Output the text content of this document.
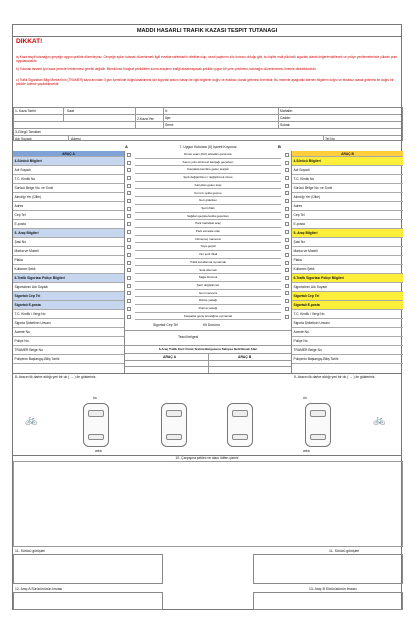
MADDİ HASARLI TRAFİK KAZASI TESPİT TUTANAĞI
DİKKAT!
a) Kaza tespit tutanağını gerçeğe uygun şekilde düzenleyiniz. Gerçeğe aykırı tutanak düzenlemek ilgili evrakta sahtekarlık nitelikte olup, cezai yaptırımı söz konusu olduğu gibi, bu kişiler mali yükümlü sigortalı olarak değerlendirilecek ve poliçe yenilemelerinde yüksek prim uygulanacaktır.
b) Tutanak tanzimi için kaza yerinde beklenmesi gerekli değildir. Mümkünse fotoğraf çekildikten sonra araçların trafiği aksatmayacak şekilde uygun bir yere çekilmesi, tutanağın düzenlenmesi önemle dikkatinizdedir.
c) Trafik Sigortaları Bilgi Merkezi'nin (TRAMER) kaza anından 3 gün içerisinde doğrulanabilmesi için sigortalı aracın hasarı ile ilgili bilgilerin doğru ve eksiksiz olarak girilmesi önemlidir. Bu nedenle aşağıdaki istenen bilgilerin doğru ve eksiksiz olarak girilmesi ile doğru bir şekilde ödeme yapılabilecektir.
1- Kaza Tarihi	Saat
2-Kaza Yeri
İl:
İlçe:
Semt:
Mahalle:
Cadde:
Sokak:
3-Görgü Tanıkları
Adı Soyadı	Adresi	Tel No
A	B
7- Uygun Kutulara (X) İşareti Koyunuz
ARAÇ A
4-Sürücü Bilgileri
Adı Soyadı
T.C. Kimlik No
Sürücü Belge No. ve Sınıfı
Alındığı Yer (Ülke)
Adres
Cep Tel
E-posta
5- Araç Bilgileri
Şasi No
Marka ve Modeli
Plaka
Kullanım Şekli
6-Trafik Sigortası Poliçe Bilgileri
Sigortalının Adı Soyadı
Sigortalı Cep Tel
Sigortalı E-posta
T.C. Kimlik / Vergi No
Sigorta Şirketinin Unvanı
Acente No
Poliçe No
TRAMER Belge No
Poliçenin Başlangıç-Bitiş Tarihi
Duran aracı (bizi) arkadan çarpması
Kamu yolu dönmesi kavşağı geçerken
Kavşakta kendine gelen araçlar
Şerit değiştirirken / değiştirmek üzere
Karşıdan gelen araç
Kırmızı ışıkta geçme
Geri giderken
Şerit ihlalı
Sağdan geçişte/solda geçerken
Park halindeki araç
Park etmekte olan
Dönemeç manevra
Yaya geçidi
Yan şerit ihlali
Trafik kurallarına uymamak
Sola dönmek
Sağa dönmek
Şerit değiştirmek
Geri manevra
Dönüş yasağı
Durma yasağı
Kavşakta geçiş önceliğine uymamak
ARAÇ B
4-Sürücü Bilgileri
Adı Soyadı
T.C. Kimlik No
Sürücü Belge No. ve Sınıfı
Alındığı Yer (Ülke)
Adres
Cep Tel
E-posta
5- Araç Bilgileri
Şasi No
Marka ve Modeli
Plaka
Kullanım Şekli
6-Trafik Sigortası Poliçe Bilgileri
Sigortalının Adı Soyadı
Sigortalı Cep Tel
Sigortalı E-posta
T.C. Kimlik / Vergi No
Sigorta Şirketinin Unvanı
Acente No
Poliçe No
TRAMER Belge No
Poliçenin Başlangıç-Bitiş Tarihi
Sigortalı Cep Tel	Kit Durumu
Tescil belgesi
6-Araç Trafik Kart Ürünü Teslimi Bulgusuna Sahipse Belirtilecek Alan
ARAÇ A	ARAÇ B
8- Aracın ilk darbe aldığı yeri bir ok ( → ) ile gösteriniz.	9- Aracın ilk darbe aldığı yeri bir ok ( → ) ile gösteriniz.
ön
arka
ön
arka
🚲	🚲
10- Çarpışma şeklini ve olanı lütfen çiziniz
11- Sürücü görüşleri	11- Sürücü görüşleri
12- Araç A Sürücüsünün İmzası	13- Araç B Sürücüsünün İmzası
